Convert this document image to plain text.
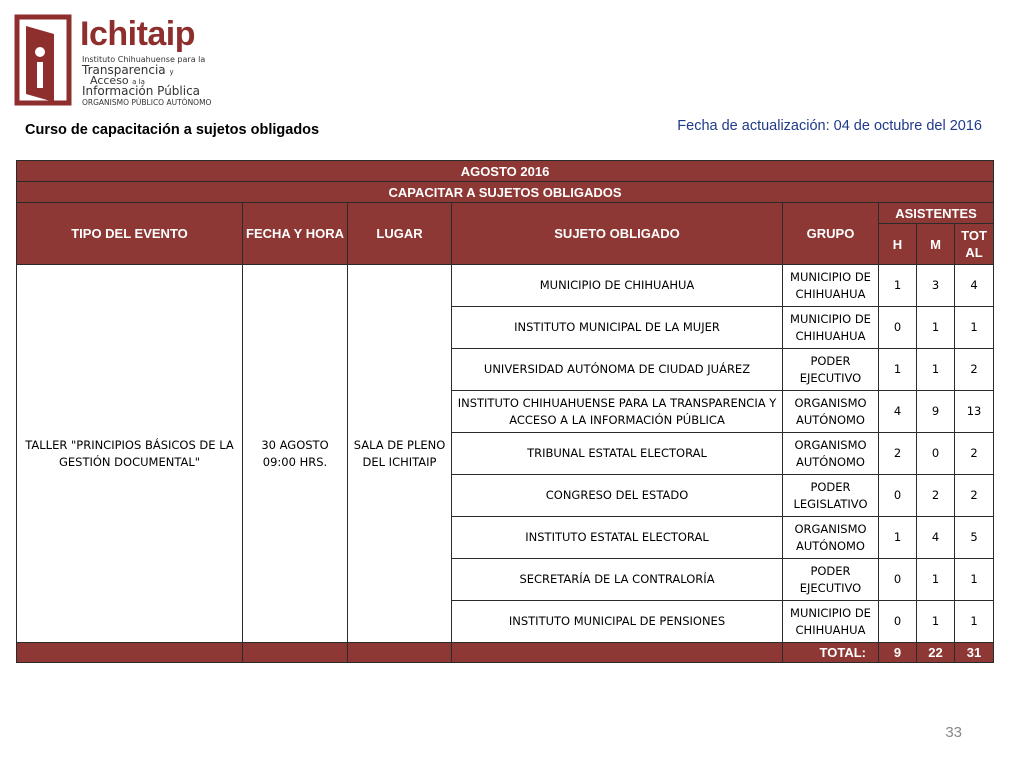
Ichitaip
Instituto Chihuahuense para la
Transparencia y
Acceso a la
Información Pública
ORGANISMO PÚBLICO AUTÓNOMO
Curso de capacitación a sujetos obligados	Fecha de actualización: 04 de octubre del 2016
AGOSTO 2016							
CAPACITAR A SUJETOS OBLIGADOS							
TIPO DEL EVENTO	FECHA Y HORA	LUGAR	SUJETO OBLIGADO	GRUPO	ASISTENTES		
					H	M	TOT AL
TALLER "PRINCIPIOS BÁSICOS DE LA GESTIÓN DOCUMENTAL"	30 AGOSTO 09:00 HRS.	SALA DE PLENO DEL ICHITAIP	MUNICIPIO DE CHIHUAHUA	MUNICIPIO DE CHIHUAHUA	1	3	4
			INSTITUTO MUNICIPAL DE LA MUJER	MUNICIPIO DE CHIHUAHUA	0	1	1
			UNIVERSIDAD AUTÓNOMA DE CIUDAD JUÁREZ	PODER EJECUTIVO	1	1	2
			INSTITUTO CHIHUAHUENSE PARA LA TRANSPARENCIA Y ACCESO A LA INFORMACIÓN PÚBLICA	ORGANISMO AUTÓNOMO	4	9	13
			TRIBUNAL ESTATAL ELECTORAL	ORGANISMO AUTÓNOMO	2	0	2
			CONGRESO DEL ESTADO	PODER LEGISLATIVO	0	2	2
			INSTITUTO ESTATAL ELECTORAL	ORGANISMO AUTÓNOMO	1	4	5
			SECRETARÍA DE LA CONTRALORÍA	PODER EJECUTIVO	0	1	1
			INSTITUTO MUNICIPAL DE PENSIONES	MUNICIPIO DE CHIHUAHUA	0	1	1
				TOTAL:	9	22	31
33
